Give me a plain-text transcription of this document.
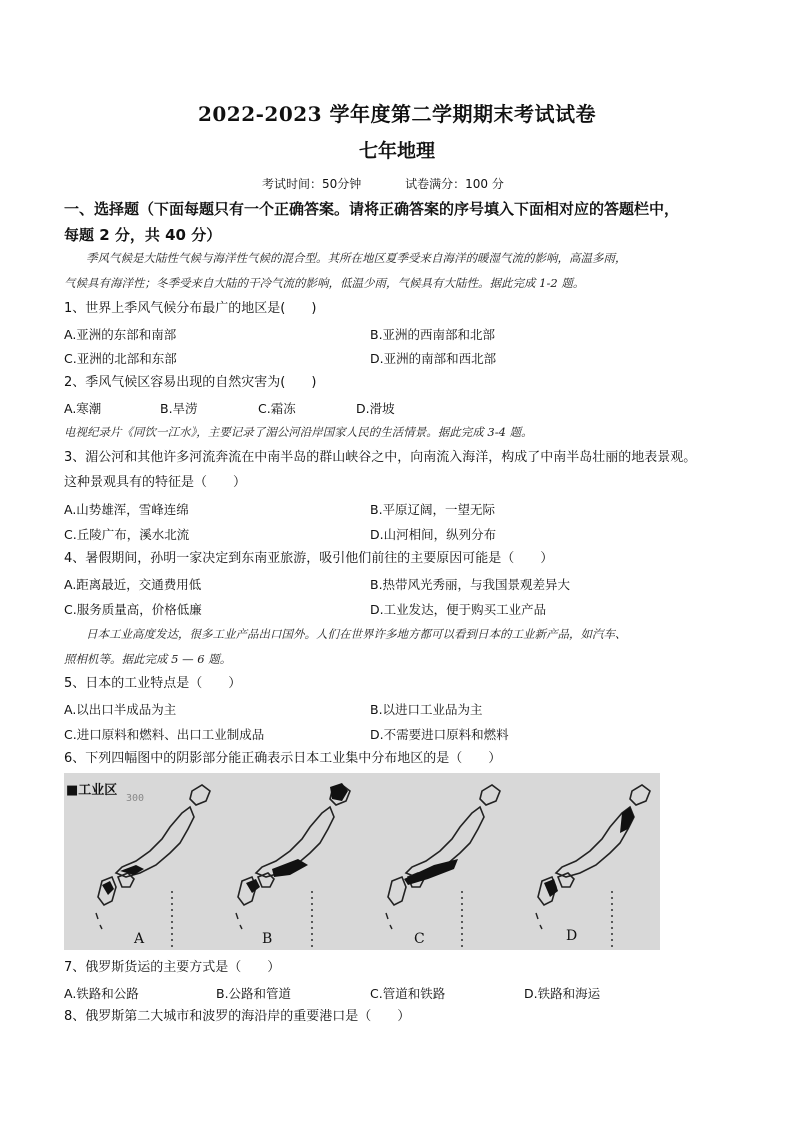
2022-2023 学年度第二学期期末考试试卷
七年地理
考试时间：50分钟	试卷满分：100 分
一、选择题（下面每题只有一个正确答案。请将正确答案的序号填入下面相对应的答题栏中，
每题 2 分，共 40 分）
季风气候是大陆性气候与海洋性气候的混合型。其所在地区夏季受来自海洋的暖湿气流的影响，高温多雨，
气候具有海洋性；冬季受来自大陆的干冷气流的影响，低温少雨，气候具有大陆性。据此完成 1-2 题。
1、世界上季风气候分布最广的地区是(　　)
A.亚洲的东部和南部	B.亚洲的西南部和北部
C.亚洲的北部和东部	D.亚洲的南部和西北部
2、季风气候区容易出现的自然灾害为(　　)
A.寒潮	B.旱涝	C.霜冻	D.滑坡
电视纪录片《同饮一江水》，主要记录了湄公河沿岸国家人民的生活情景。据此完成 3-4 题。
3、湄公河和其他许多河流奔流在中南半岛的群山峡谷之中，向南流入海洋，构成了中南半岛壮丽的地表景观。
这种景观具有的特征是（　　）
A.山势雄浑，雪峰连绵	B.平原辽阔，一望无际
C.丘陵广布，溪水北流	D.山河相间，纵列分布
4、暑假期间，孙明一家决定到东南亚旅游，吸引他们前往的主要原因可能是（　　）
A.距离最近，交通费用低	B.热带风光秀丽，与我国景观差异大
C.服务质量高，价格低廉	D.工业发达，便于购买工业产品
日本工业高度发达，很多工业产品出口国外。人们在世界许多地方都可以看到日本的工业新产品，如汽车、
照相机等。据此完成 5 — 6 题。
5、日本的工业特点是（　　）
A.以出口半成品为主	B.以进口工业品为主
C.进口原料和燃料、出口工业制成品	D.不需要进口原料和燃料
6、下列四幅图中的阴影部分能正确表示日本工业集中分布地区的是（　　）
300
■工业区
A	B	C	D
7、俄罗斯货运的主要方式是（　　）
A.铁路和公路	B.公路和管道	C.管道和铁路	D.铁路和海运
8、俄罗斯第二大城市和波罗的海沿岸的重要港口是（　　）
